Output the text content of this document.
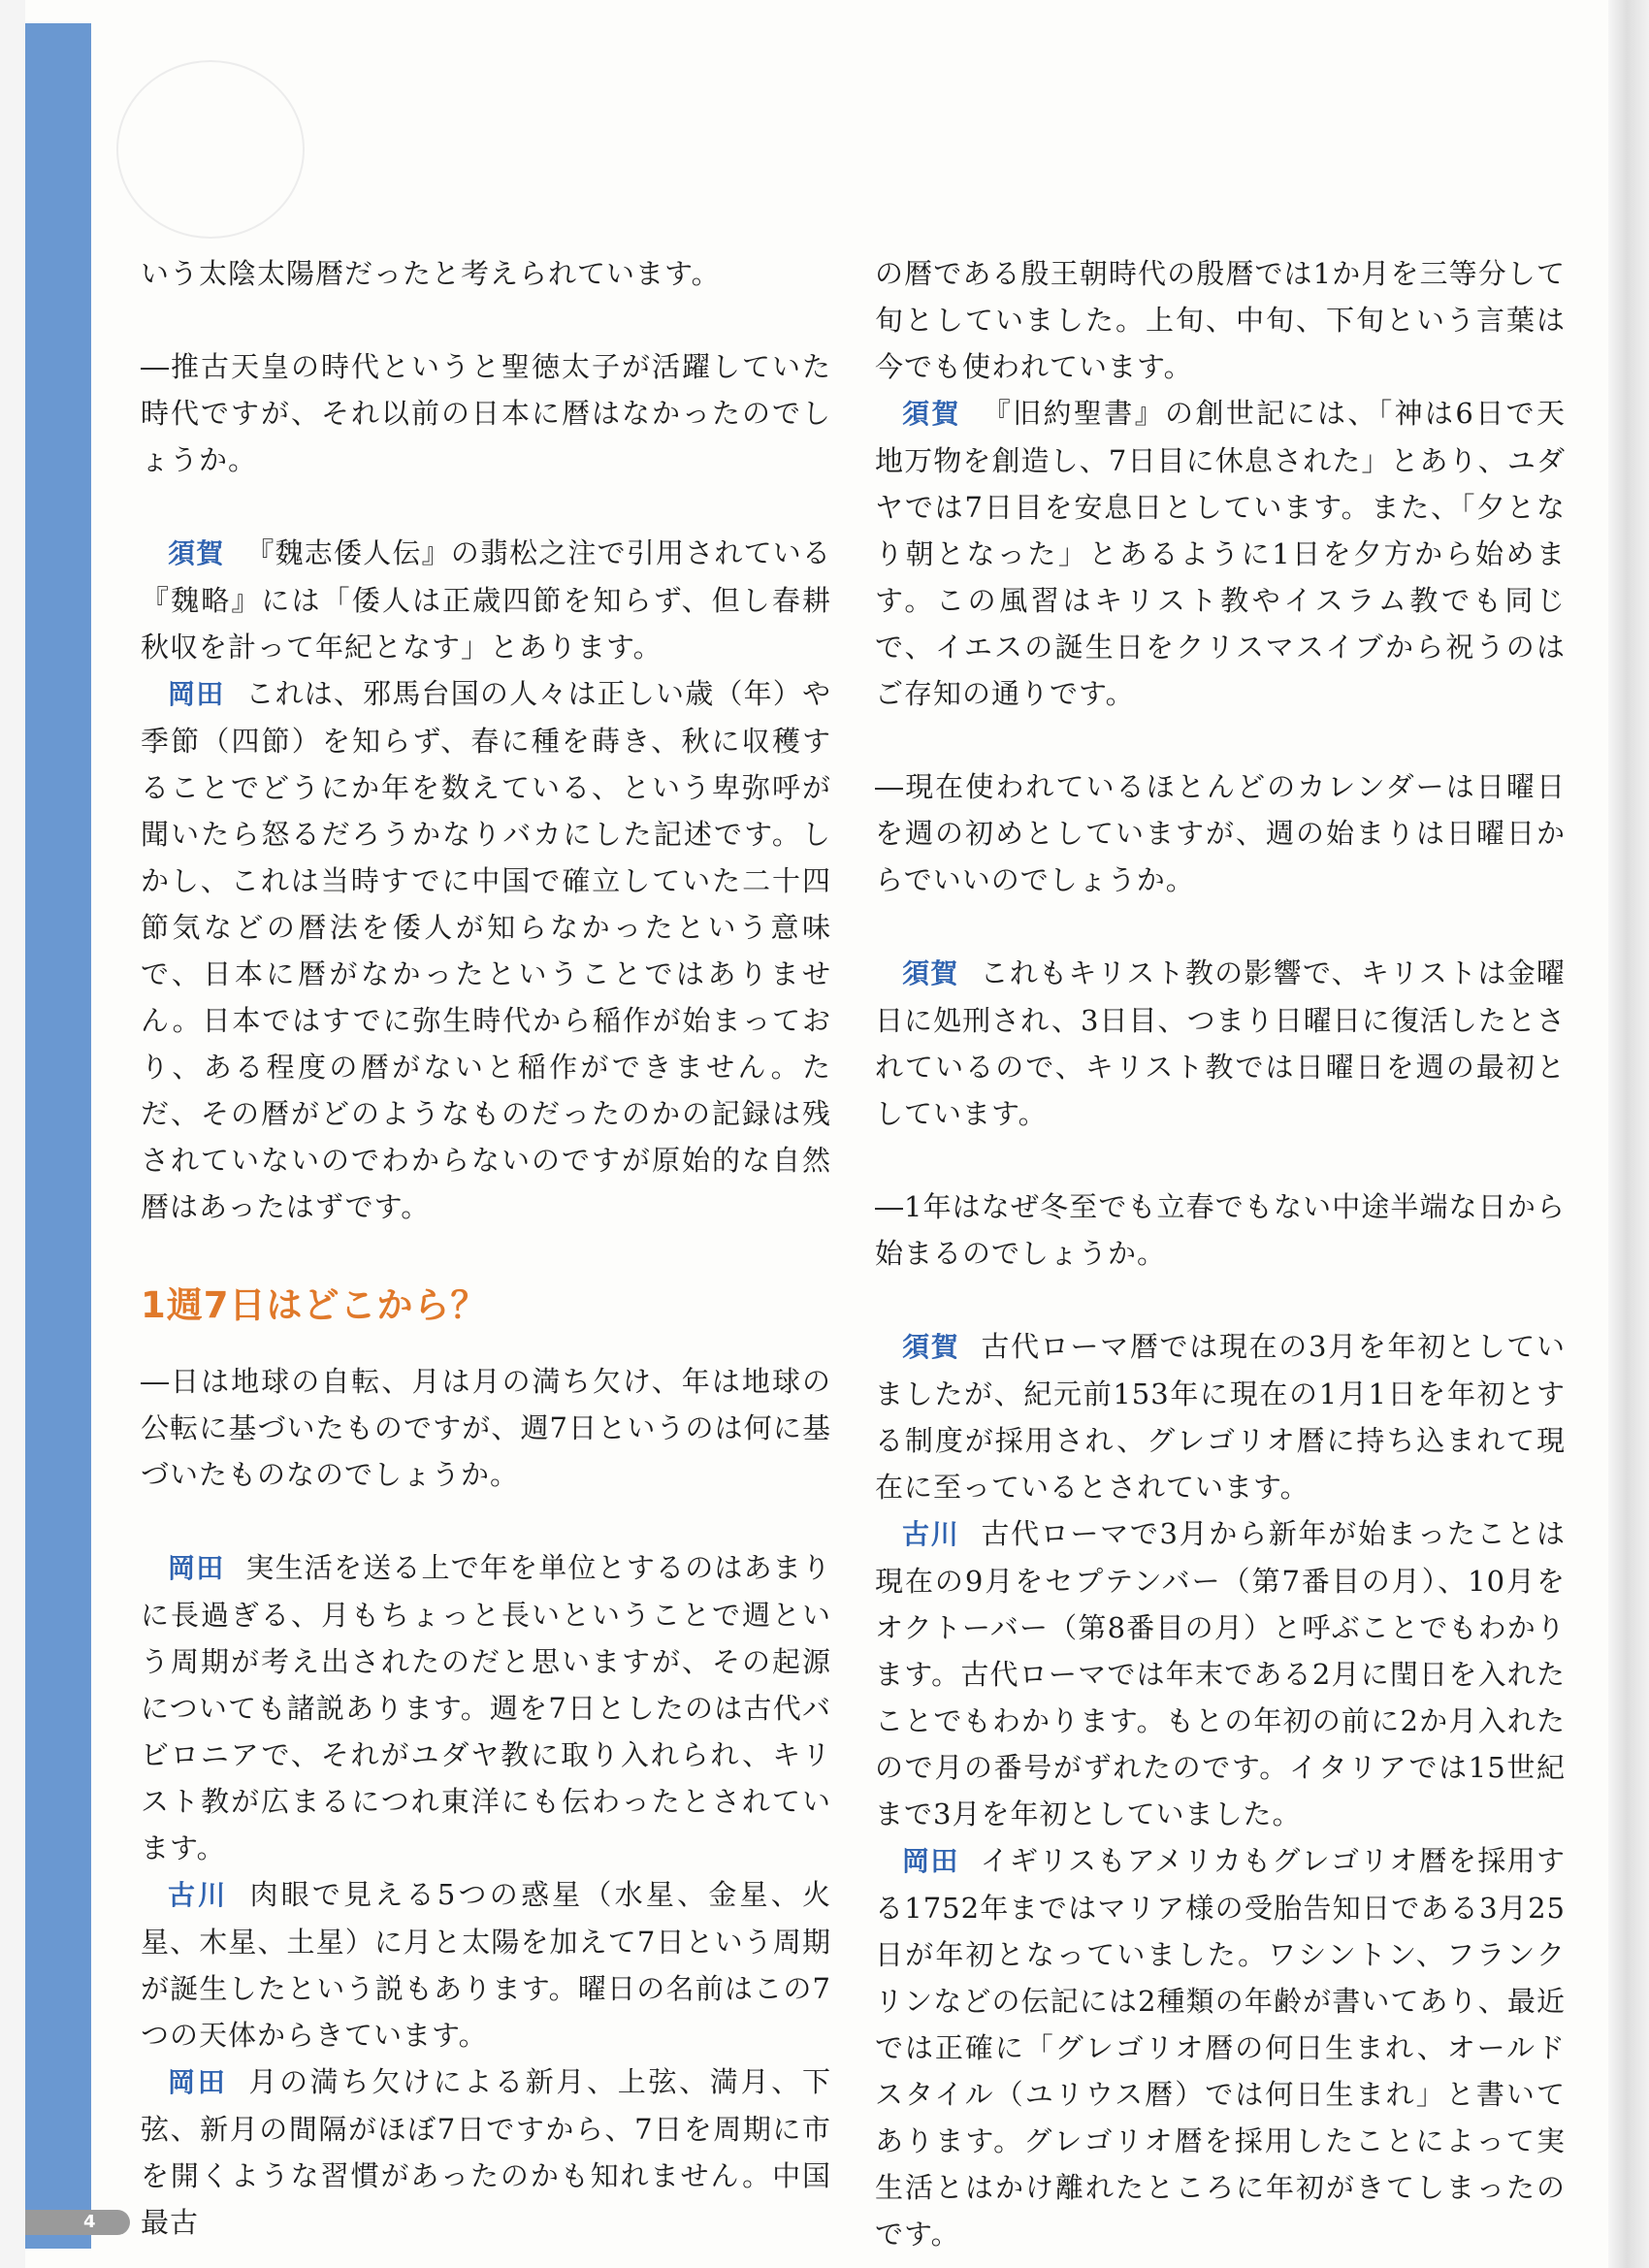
いう太陰太陽暦だったと考えられています。

―推古天皇の時代というと聖徳太子が活躍していた時代ですが、それ以前の日本に暦はなかったのでしょうか。

須賀 『魏志倭人伝』の翡松之注で引用されている『魏略』には「倭人は正歳四節を知らず、但し春耕秋収を計って年紀となす」とあります。

岡田 これは、邪馬台国の人々は正しい歳（年）や季節（四節）を知らず、春に種を蒔き、秋に収穫することでどうにか年を数えている、という卑弥呼が聞いたら怒るだろうかなりバカにした記述です。しかし、これは当時すでに中国で確立していた二十四節気などの暦法を倭人が知らなかったという意味で、日本に暦がなかったということではありません。日本ではすでに弥生時代から稲作が始まっており、ある程度の暦がないと稲作ができません。ただ、その暦がどのようなものだったのかの記録は残されていないのでわからないのですが原始的な自然暦はあったはずです。

1週7日はどこから？

―日は地球の自転、月は月の満ち欠け、年は地球の公転に基づいたものですが、週7日というのは何に基づいたものなのでしょうか。

岡田 実生活を送る上で年を単位とするのはあまりに長過ぎる、月もちょっと長いということで週という周期が考え出されたのだと思いますが、その起源についても諸説あります。週を7日としたのは古代バビロニアで、それがユダヤ教に取り入れられ、キリスト教が広まるにつれ東洋にも伝わったとされています。

古川 肉眼で見える5つの惑星（水星、金星、火星、木星、土星）に月と太陽を加えて7日という周期が誕生したという説もあります。曜日の名前はこの7つの天体からきています。

岡田 月の満ち欠けによる新月、上弦、満月、下弦、新月の間隔がほぼ7日ですから、7日を周期に市を開くような習慣があったのかも知れません。中国最古

の暦である殷王朝時代の殷暦では1か月を三等分して旬としていました。上旬、中旬、下旬という言葉は今でも使われています。

須賀 『旧約聖書』の創世記には、「神は6日で天地万物を創造し、7日目に休息された」とあり、ユダヤでは7日目を安息日としています。また、「夕となり朝となった」とあるように1日を夕方から始めます。この風習はキリスト教やイスラム教でも同じで、イエスの誕生日をクリスマスイブから祝うのはご存知の通りです。

―現在使われているほとんどのカレンダーは日曜日を週の初めとしていますが、週の始まりは日曜日からでいいのでしょうか。

須賀 これもキリスト教の影響で、キリストは金曜日に処刑され、3日目、つまり日曜日に復活したとされているので、キリスト教では日曜日を週の最初としています。

―1年はなぜ冬至でも立春でもない中途半端な日から始まるのでしょうか。

須賀 古代ローマ暦では現在の3月を年初としていましたが、紀元前153年に現在の1月1日を年初とする制度が採用され、グレゴリオ暦に持ち込まれて現在に至っているとされています。

古川 古代ローマで3月から新年が始まったことは現在の9月をセプテンバー（第7番目の月）、10月をオクトーバー（第8番目の月）と呼ぶことでもわかります。古代ローマでは年末である2月に閏日を入れたことでもわかります。もとの年初の前に2か月入れたので月の番号がずれたのです。イタリアでは15世紀まで3月を年初としていました。

岡田 イギリスもアメリカもグレゴリオ暦を採用する1752年まではマリア様の受胎告知日である3月25日が年初となっていました。ワシントン、フランクリンなどの伝記には2種類の年齢が書いてあり、最近では正確に「グレゴリオ暦の何日生まれ、オールドスタイル（ユリウス暦）では何日生まれ」と書いてあります。グレゴリオ暦を採用したことによって実生活とはかけ離れたところに年初がきてしまったのです。

4
